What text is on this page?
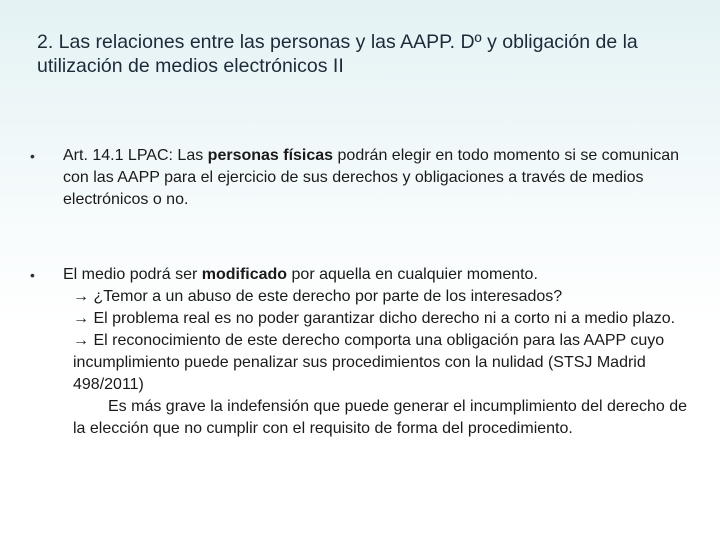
2. Las relaciones entre las personas y las AAPP. Dº y obligación de la utilización de medios electrónicos II
• Art. 14.1 LPAC: Las personas físicas podrán elegir en todo momento si se comunican con las AAPP para el ejercicio de sus derechos y obligaciones a través de medios electrónicos o no.
• El medio podrá ser modificado por aquella en cualquier momento.
→ ¿Temor a un abuso de este derecho por parte de los interesados?
→ El problema real es no poder garantizar dicho derecho ni a corto ni a medio plazo.
→ El reconocimiento de este derecho comporta una obligación para las AAPP cuyo incumplimiento puede penalizar sus procedimientos con la nulidad (STSJ Madrid 498/2011)
Es más grave la indefensión que puede generar el incumplimiento del derecho de la elección que no cumplir con el requisito de forma del procedimiento.
